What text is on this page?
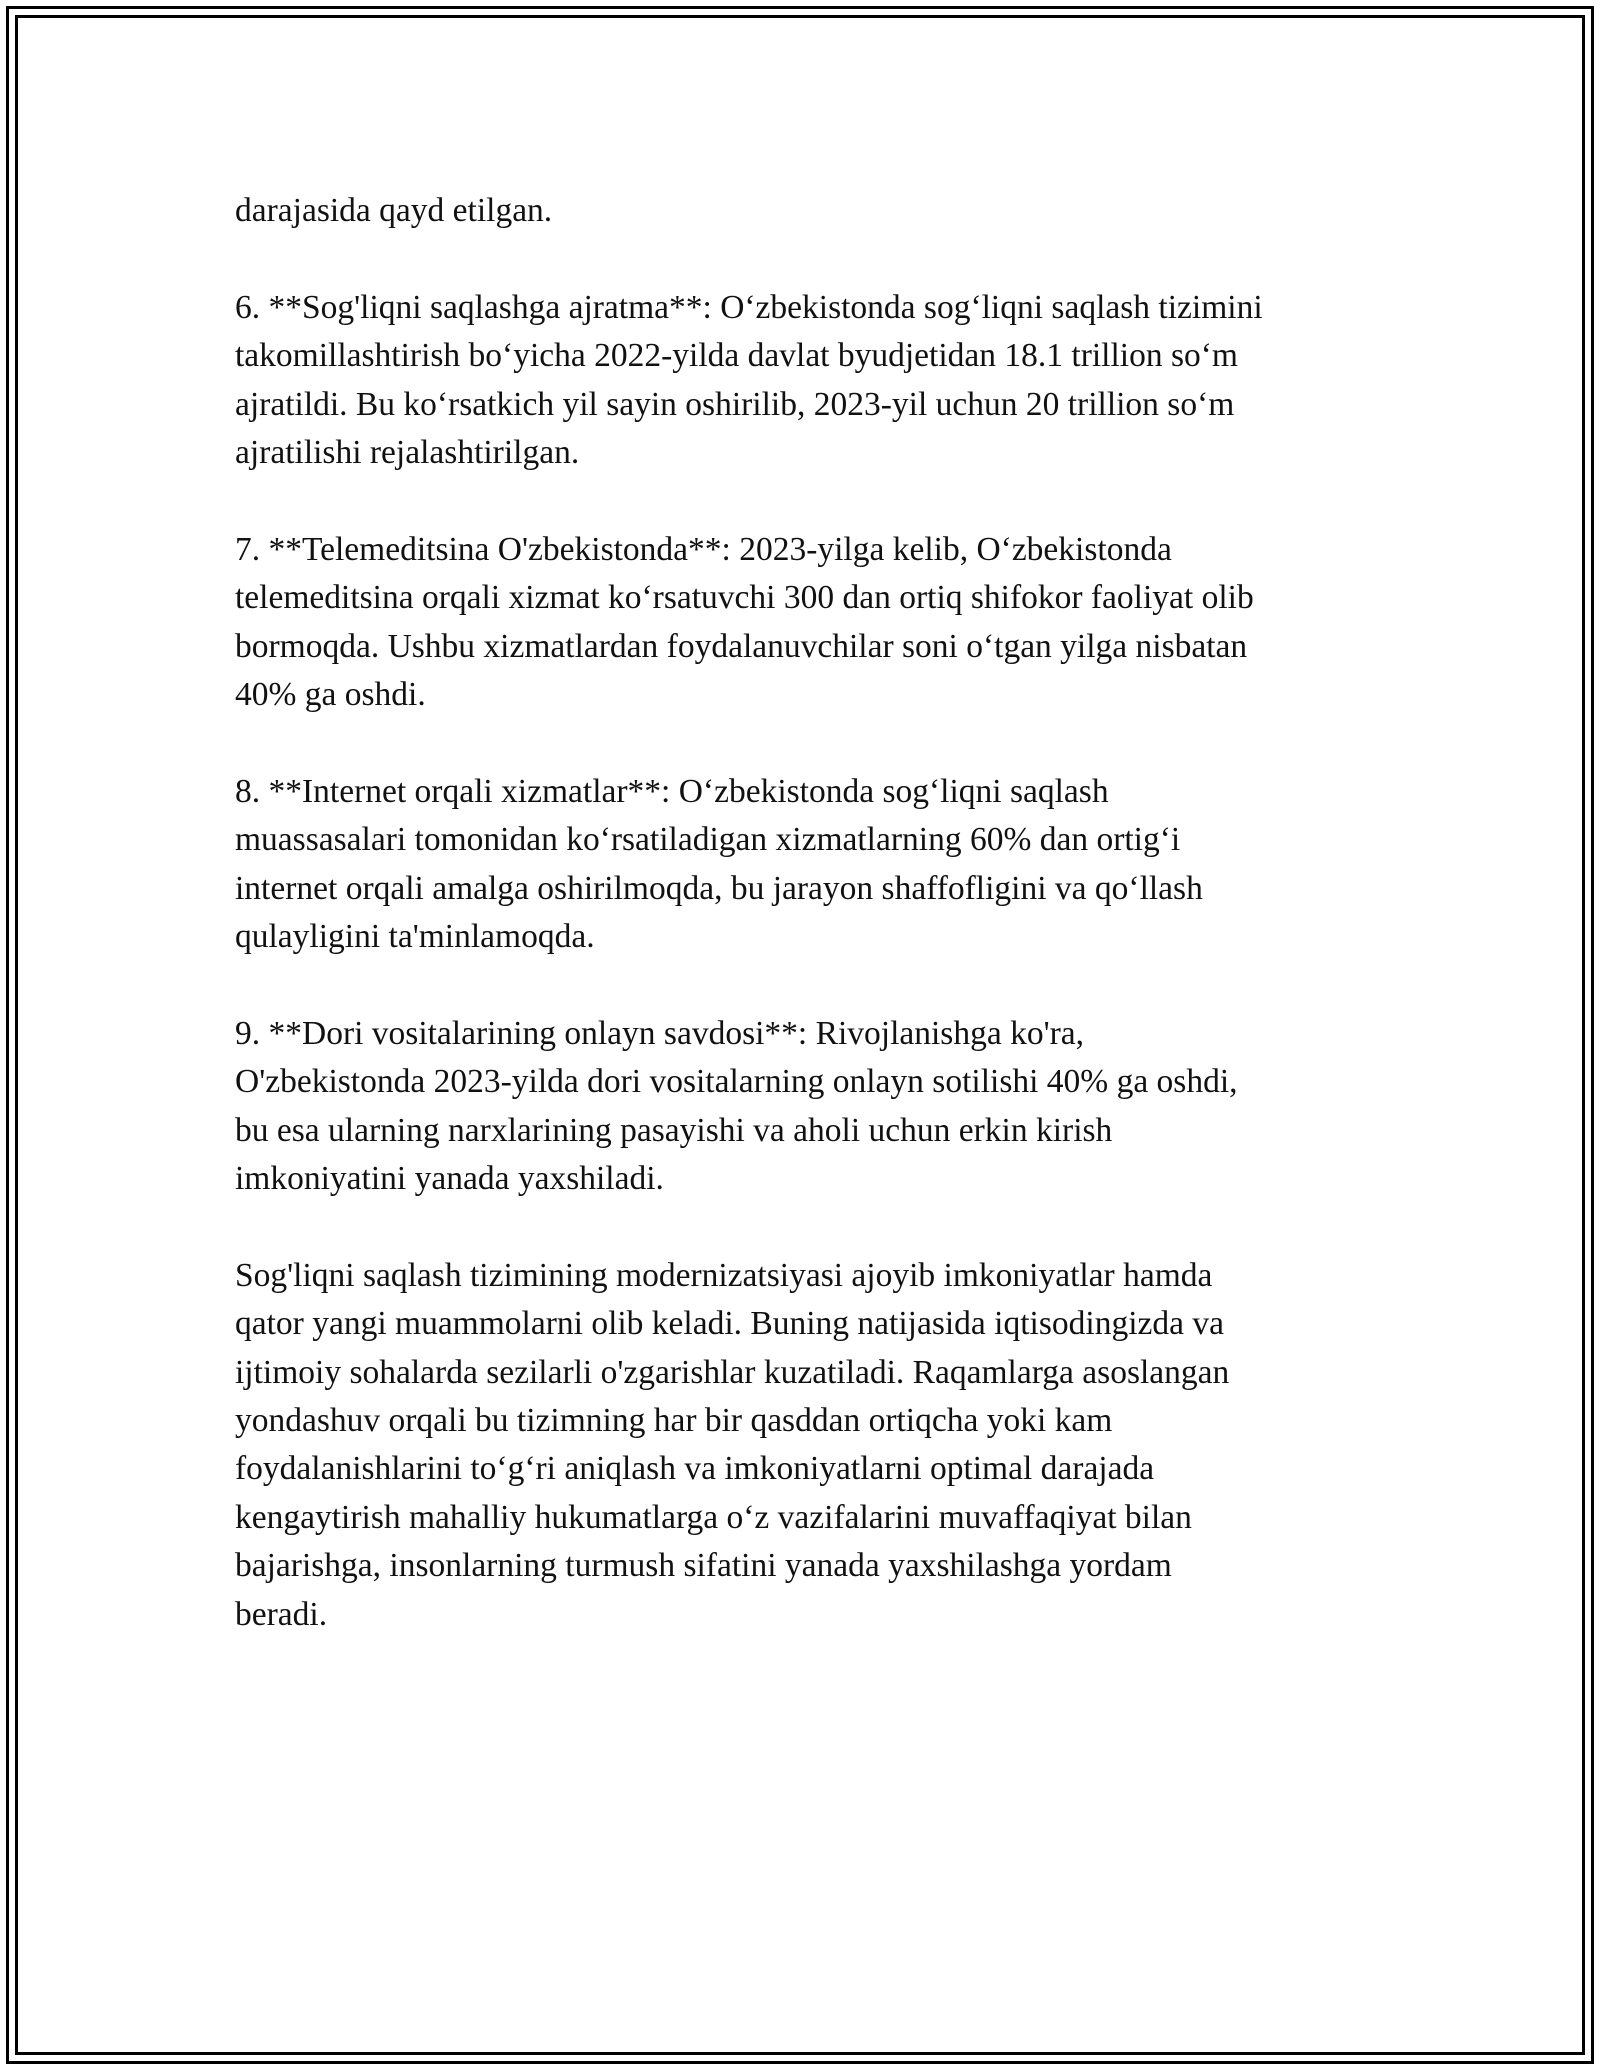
darajasida qayd etilgan.

6. **Sog'liqni saqlashga ajratma**: O‘zbekistonda sog‘liqni saqlash tizimini
takomillashtirish bo‘yicha 2022-yilda davlat byudjetidan 18.1 trillion so‘m
ajratildi. Bu ko‘rsatkich yil sayin oshirilib, 2023-yil uchun 20 trillion so‘m
ajratilishi rejalashtirilgan.

7. **Telemeditsina O'zbekistonda**: 2023-yilga kelib, O‘zbekistonda
telemeditsina orqali xizmat ko‘rsatuvchi 300 dan ortiq shifokor faoliyat olib
bormoqda. Ushbu xizmatlardan foydalanuvchilar soni o‘tgan yilga nisbatan
40% ga oshdi.

8. **Internet orqali xizmatlar**: O‘zbekistonda sog‘liqni saqlash
muassasalari tomonidan ko‘rsatiladigan xizmatlarning 60% dan ortig‘i
internet orqali amalga oshirilmoqda, bu jarayon shaffofligini va qo‘llash
qulayligini ta'minlamoqda.

9. **Dori vositalarining onlayn savdosi**: Rivojlanishga ko'ra,
O'zbekistonda 2023-yilda dori vositalarning onlayn sotilishi 40% ga oshdi,
bu esa ularning narxlarining pasayishi va aholi uchun erkin kirish
imkoniyatini yanada yaxshiladi.

Sog'liqni saqlash tizimining modernizatsiyasi ajoyib imkoniyatlar hamda
qator yangi muammolarni olib keladi. Buning natijasida iqtisodingizda va
ijtimoiy sohalarda sezilarli o'zgarishlar kuzatiladi. Raqamlarga asoslangan
yondashuv orqali bu tizimning har bir qasddan ortiqcha yoki kam
foydalanishlarini to‘g‘ri aniqlash va imkoniyatlarni optimal darajada
kengaytirish mahalliy hukumatlarga o‘z vazifalarini muvaffaqiyat bilan
bajarishga, insonlarning turmush sifatini yanada yaxshilashga yordam
beradi.
